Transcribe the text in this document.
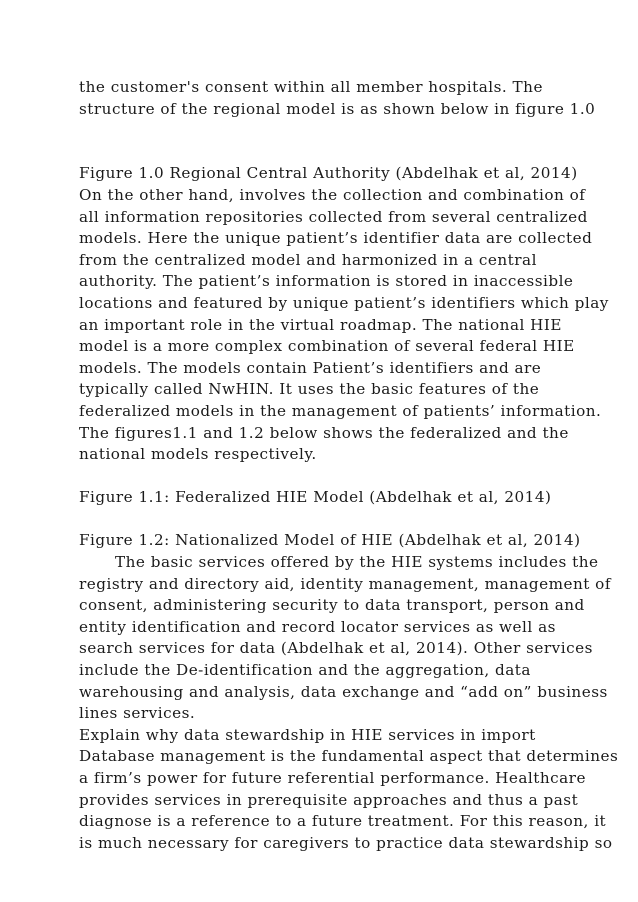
the customer's consent within all member hospitals. The
structure of the regional model is as shown below in figure 1.0
Figure 1.0 Regional Central Authority (Abdelhak et al, 2014)
On the other hand, involves the collection and combination of
all information repositories collected from several centralized
models. Here the unique patient’s identifier data are collected
from the centralized model and harmonized in a central
authority. The patient’s information is stored in inaccessible
locations and featured by unique patient’s identifiers which play
an important role in the virtual roadmap. The national HIE
model is a more complex combination of several federal HIE
models. The models contain Patient’s identifiers and are
typically called NwHIN. It uses the basic features of the
federalized models in the management of patients’ information.
The figures1.1 and 1.2 below shows the federalized and the
national models respectively.
Figure 1.1: Federalized HIE Model (Abdelhak et al, 2014)
Figure 1.2: Nationalized Model of HIE (Abdelhak et al, 2014)
The basic services offered by the HIE systems includes the
registry and directory aid, identity management, management of
consent, administering security to data transport, person and
entity identification and record locator services as well as
search services for data (Abdelhak et al, 2014). Other services
include the De-identification and the aggregation, data
warehousing and analysis, data exchange and “add on” business
lines services.
Explain why data stewardship in HIE services in import
Database management is the fundamental aspect that determines
a firm’s power for future referential performance. Healthcare
provides services in prerequisite approaches and thus a past
diagnose is a reference to a future treatment. For this reason, it
is much necessary for caregivers to practice data stewardship so
